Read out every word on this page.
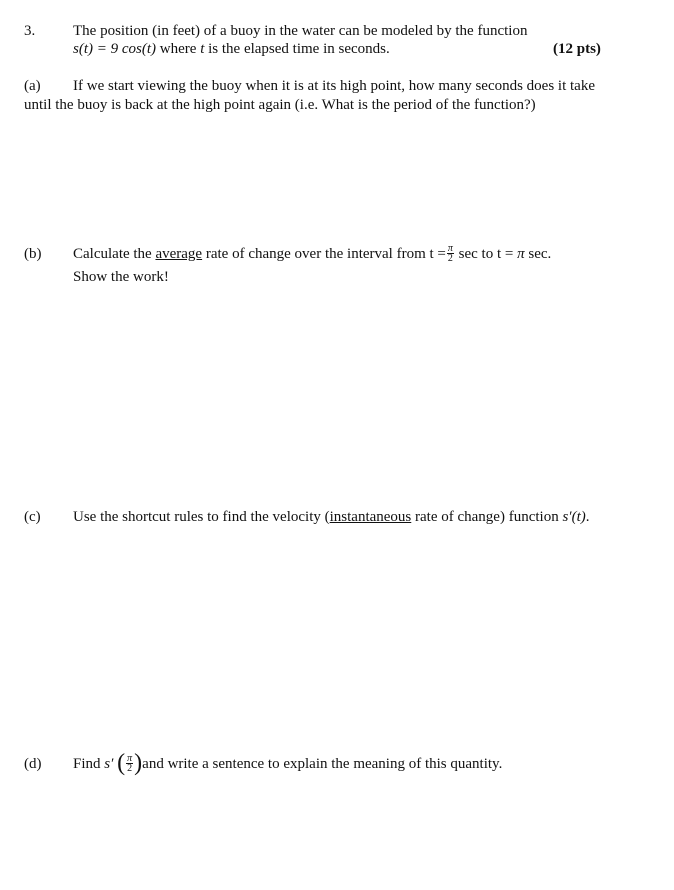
3.	The position (in feet) of a buoy in the water can be modeled by the function
s(t) = 9 cos(t) where t is the elapsed time in seconds.	(12 pts)
(a) If we start viewing the buoy when it is at its high point, how many seconds does it take
until the buoy is back at the high point again (i.e. What is the period of the function?)
(b) Calculate the average rate of change over the interval from $t = \frac{\pi}{2}$ sec to t = π sec.
Show the work!
(c) Use the shortcut rules to find the velocity (instantaneous rate of change) function s′(t).
(d) Find s′ ( $\frac{\pi}{2} )and$ write a sentence to explain the meaning of this quantity.
